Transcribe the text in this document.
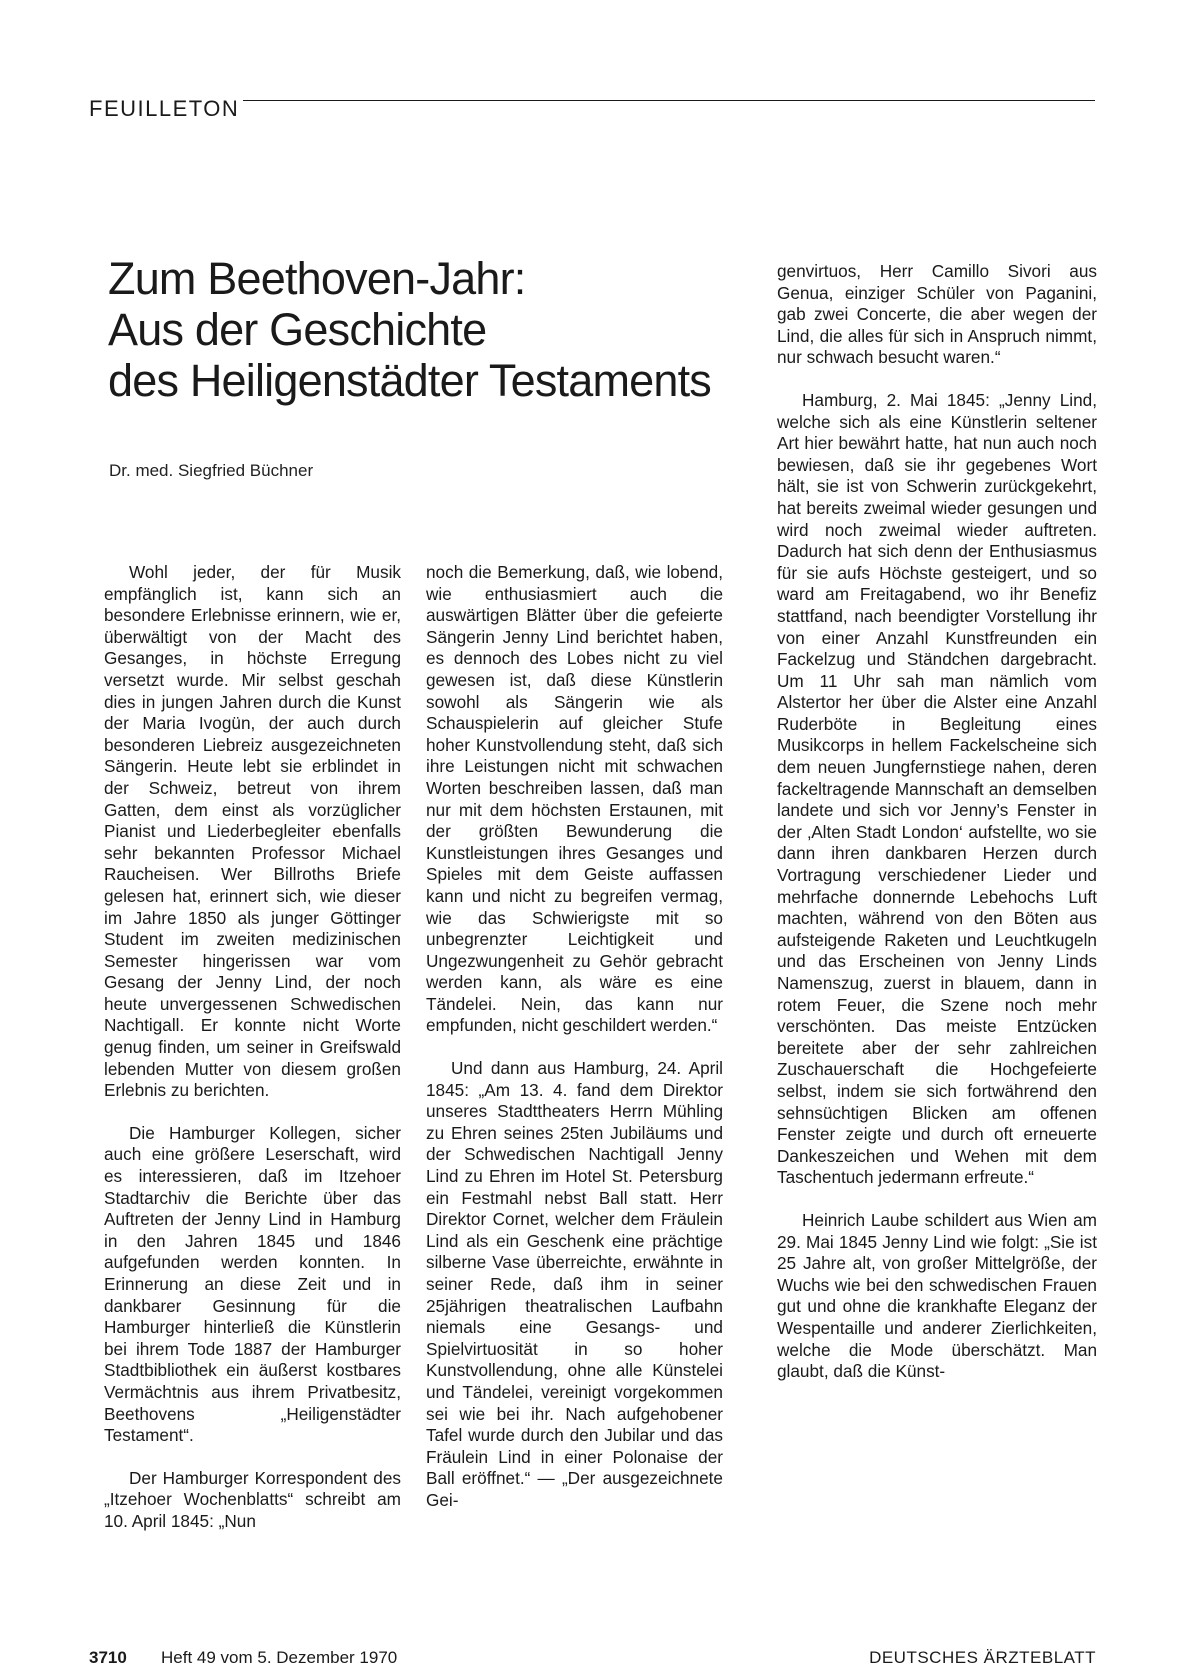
FEUILLETON
Zum Beethoven-Jahr:
Aus der Geschichte
des Heiligenstädter Testaments
Dr. med. Siegfried Büchner

Wohl jeder, der für Musik empfänglich ist, kann sich an besondere Erlebnisse erinnern, wie er, überwältigt von der Macht des Gesanges, in höchste Erregung versetzt wurde. Mir selbst geschah dies in jungen Jahren durch die Kunst der Maria Ivogün, der auch durch besonderen Liebreiz ausgezeichneten Sängerin. Heute lebt sie erblindet in der Schweiz, betreut von ihrem Gatten, dem einst als vorzüglicher Pianist und Liederbegleiter ebenfalls sehr bekannten Professor Michael Raucheisen. Wer Billroths Briefe gelesen hat, erinnert sich, wie dieser im Jahre 1850 als junger Göttinger Student im zweiten medizinischen Semester hingerissen war vom Gesang der Jenny Lind, der noch heute unvergessenen Schwedischen Nachtigall. Er konnte nicht Worte genug finden, um seiner in Greifswald lebenden Mutter von diesem großen Erlebnis zu berichten.

Die Hamburger Kollegen, sicher auch eine größere Leserschaft, wird es interessieren, daß im Itzehoer Stadtarchiv die Berichte über das Auftreten der Jenny Lind in Hamburg in den Jahren 1845 und 1846 aufgefunden werden konnten. In Erinnerung an diese Zeit und in dankbarer Gesinnung für die Hamburger hinterließ die Künstlerin bei ihrem Tode 1887 der Hamburger Stadtbibliothek ein äußerst kostbares Vermächtnis aus ihrem Privatbesitz, Beethovens „Heiligenstädter Testament“.

Der Hamburger Korrespondent des „Itzehoer Wochenblatts“ schreibt am 10. April 1845: „Nun

noch die Bemerkung, daß, wie lobend, wie enthusiasmiert auch die auswärtigen Blätter über die gefeierte Sängerin Jenny Lind berichtet haben, es dennoch des Lobes nicht zu viel gewesen ist, daß diese Künstlerin sowohl als Sängerin wie als Schauspielerin auf gleicher Stufe hoher Kunstvollendung steht, daß sich ihre Leistungen nicht mit schwachen Worten beschreiben lassen, daß man nur mit dem höchsten Erstaunen, mit der größten Bewunderung die Kunstleistungen ihres Gesanges und Spieles mit dem Geiste auffassen kann und nicht zu begreifen vermag, wie das Schwierigste mit so unbegrenzter Leichtigkeit und Ungezwungenheit zu Gehör gebracht werden kann, als wäre es eine Tändelei. Nein, das kann nur empfunden, nicht geschildert werden.“

Und dann aus Hamburg, 24. April 1845: „Am 13. 4. fand dem Direktor unseres Stadttheaters Herrn Mühling zu Ehren seines 25ten Jubiläums und der Schwedischen Nachtigall Jenny Lind zu Ehren im Hotel St. Petersburg ein Festmahl nebst Ball statt. Herr Direktor Cornet, welcher dem Fräulein Lind als ein Geschenk eine prächtige silberne Vase überreichte, erwähnte in seiner Rede, daß ihm in seiner 25jährigen theatralischen Laufbahn niemals eine Gesangs- und Spielvirtuosität in so hoher Kunstvollendung, ohne alle Künstelei und Tändelei, vereinigt vorgekommen sei wie bei ihr. Nach aufgehobener Tafel wurde durch den Jubilar und das Fräulein Lind in einer Polonaise der Ball eröffnet.“ — „Der ausgezeichnete Gei-

genvirtuos, Herr Camillo Sivori aus Genua, einziger Schüler von Paganini, gab zwei Concerte, die aber wegen der Lind, die alles für sich in Anspruch nimmt, nur schwach besucht waren.“

Hamburg, 2. Mai 1845: „Jenny Lind, welche sich als eine Künstlerin seltener Art hier bewährt hatte, hat nun auch noch bewiesen, daß sie ihr gegebenes Wort hält, sie ist von Schwerin zurückgekehrt, hat bereits zweimal wieder gesungen und wird noch zweimal wieder auftreten. Dadurch hat sich denn der Enthusiasmus für sie aufs Höchste gesteigert, und so ward am Freitagabend, wo ihr Benefiz stattfand, nach beendigter Vorstellung ihr von einer Anzahl Kunstfreunden ein Fackelzug und Ständchen dargebracht. Um 11 Uhr sah man nämlich vom Alstertor her über die Alster eine Anzahl Ruderböte in Begleitung eines Musikcorps in hellem Fackelscheine sich dem neuen Jungfernstiege nahen, deren fackeltragende Mannschaft an demselben landete und sich vor Jenny’s Fenster in der ‚Alten Stadt London‘ aufstellte, wo sie dann ihren dankbaren Herzen durch Vortragung verschiedener Lieder und mehrfache donnernde Lebehochs Luft machten, während von den Böten aus aufsteigende Raketen und Leuchtkugeln und das Erscheinen von Jenny Linds Namenszug, zuerst in blauem, dann in rotem Feuer, die Szene noch mehr verschönten. Das meiste Entzücken bereitete aber der sehr zahlreichen Zuschauerschaft die Hochgefeierte selbst, indem sie sich fortwährend den sehnsüchtigen Blicken am offenen Fenster zeigte und durch oft erneuerte Dankeszeichen und Wehen mit dem Taschentuch jedermann erfreute.“

Heinrich Laube schildert aus Wien am 29. Mai 1845 Jenny Lind wie folgt: „Sie ist 25 Jahre alt, von großer Mittelgröße, der Wuchs wie bei den schwedischen Frauen gut und ohne die krankhafte Eleganz der Wespentaille und anderer Zierlichkeiten, welche die Mode überschätzt. Man glaubt, daß die Künst-

3710 Heft 49 vom 5. Dezember 1970	DEUTSCHES ÄRZTEBLATT
